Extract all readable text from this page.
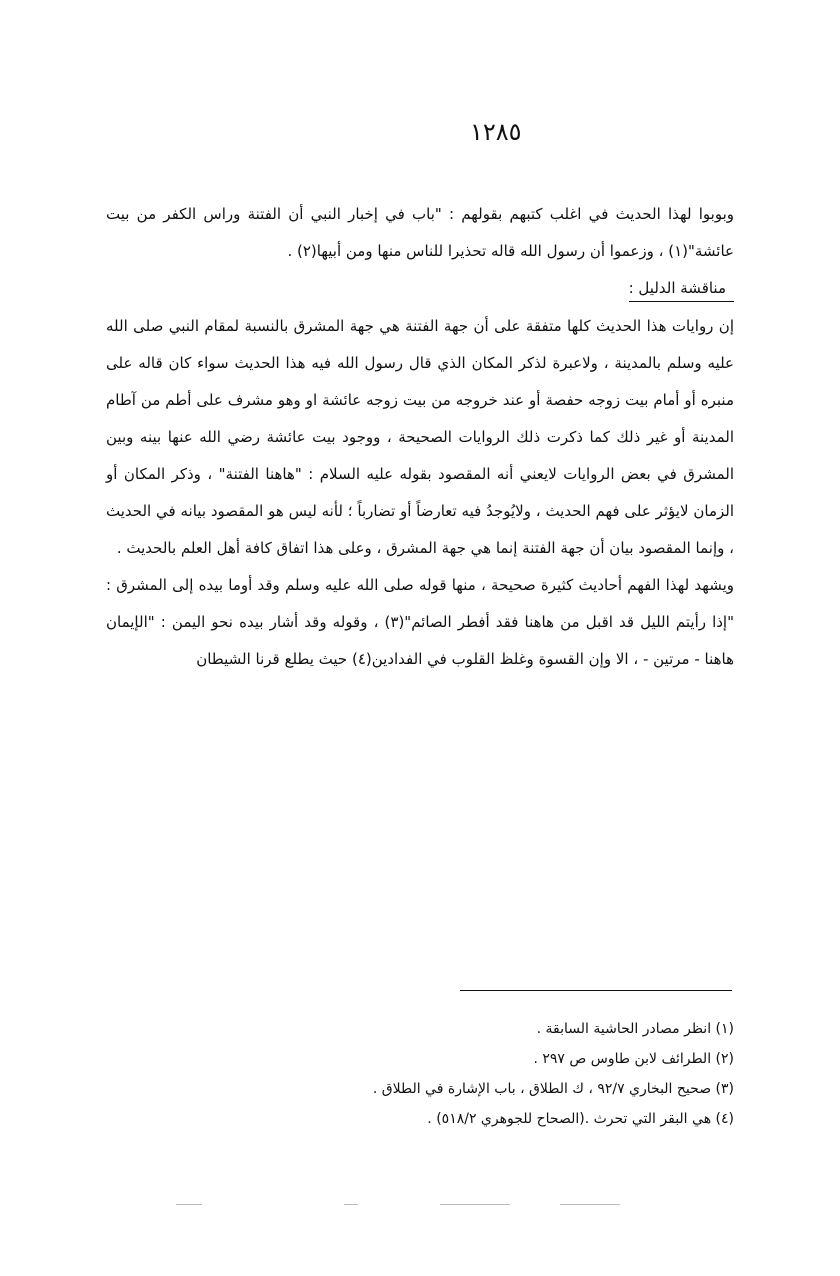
١٢٨٥

وبوبوا لهذا الحديث في اغلب كتبهم بقولهم : "باب في إخبار النبي أن الفتنة وراس الكفر من بيت عائشة"(١) ، وزعموا أن رسول الله قاله تحذيرا للناس منها ومن أبيها(٢) .

مناقشة الدليل :

إن روايات هذا الحديث كلها متفقة على أن جهة الفتنة هي جهة المشرق بالنسبة لمقام النبي صلى الله عليه وسلم بالمدينة ، ولاعبرة لذكر المكان الذي قال رسول الله فيه هذا الحديث سواء كان قاله على منبره أو أمام بيت زوجه حفصة أو عند خروجه من بيت زوجه عائشة او وهو مشرف على أطم من آطام المدينة أو غير ذلك كما ذكرت ذلك الروايات الصحيحة ، ووجود بيت عائشة رضي الله عنها بينه وبين المشرق في بعض الروايات لايعني أنه المقصود بقوله عليه السلام : "هاهنا الفتنة" ، وذكر المكان أو الزمان لايؤثر على فهم الحديث ، ولايُوجدُ فيه تعارضاً أو تضارباً ؛ لأنه ليس هو المقصود بيانه في الحديث ، وإنما المقصود بيان أن جهة الفتنة إنما هي جهة المشرق ، وعلى هذا اتفاق كافة أهل العلم بالحديث .

ويشهد لهذا الفهم أحاديث كثيرة صحيحة ، منها قوله صلى الله عليه وسلم وقد أوما بيده إلى المشرق : "إذا رأيتم الليل قد اقبل من هاهنا فقد أفطر الصائم"(٣) ، وقوله وقد أشار بيده نحو اليمن : "الإيمان هاهنا - مرتين - ، الا وإن القسوة وغلظ القلوب في الفدادين(٤) حيث يطلع قرنا الشيطان

(١) انظر مصادر الحاشية السابقة .
(٢) الطرائف لابن طاوس ص ٢٩٧ .
(٣) صحيح البخاري ٩٢/٧ ، ك الطلاق ، باب الإشارة في الطلاق .
(٤) هي البقر التي تحرث .(الصحاح للجوهري ٥١٨/٢) .
